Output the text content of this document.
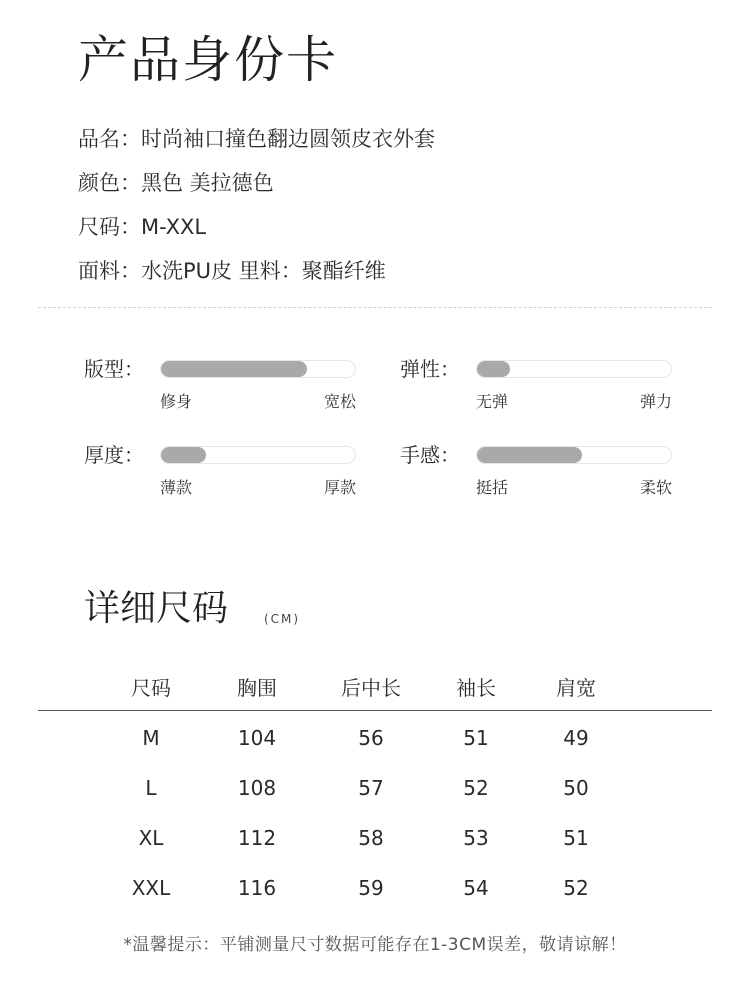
产品身份卡
品名：时尚袖口撞色翻边圆领皮衣外套
颜色：黑色 美拉德色
尺码：M-XXL
面料：水洗PU皮 里料：聚酯纤维
版型：
修身	宽松
弹性：
无弹	弹力
厚度：
薄款	厚款
手感：
挺括	柔软
详细尺码	(CM)
尺码	胸围	后中长	袖长	肩宽
M	104	56	51	49
L	108	57	52	50
XL	112	58	53	51
XXL	116	59	54	52
*温馨提示：平铺测量尺寸数据可能存在1-3CM误差，敬请谅解！
